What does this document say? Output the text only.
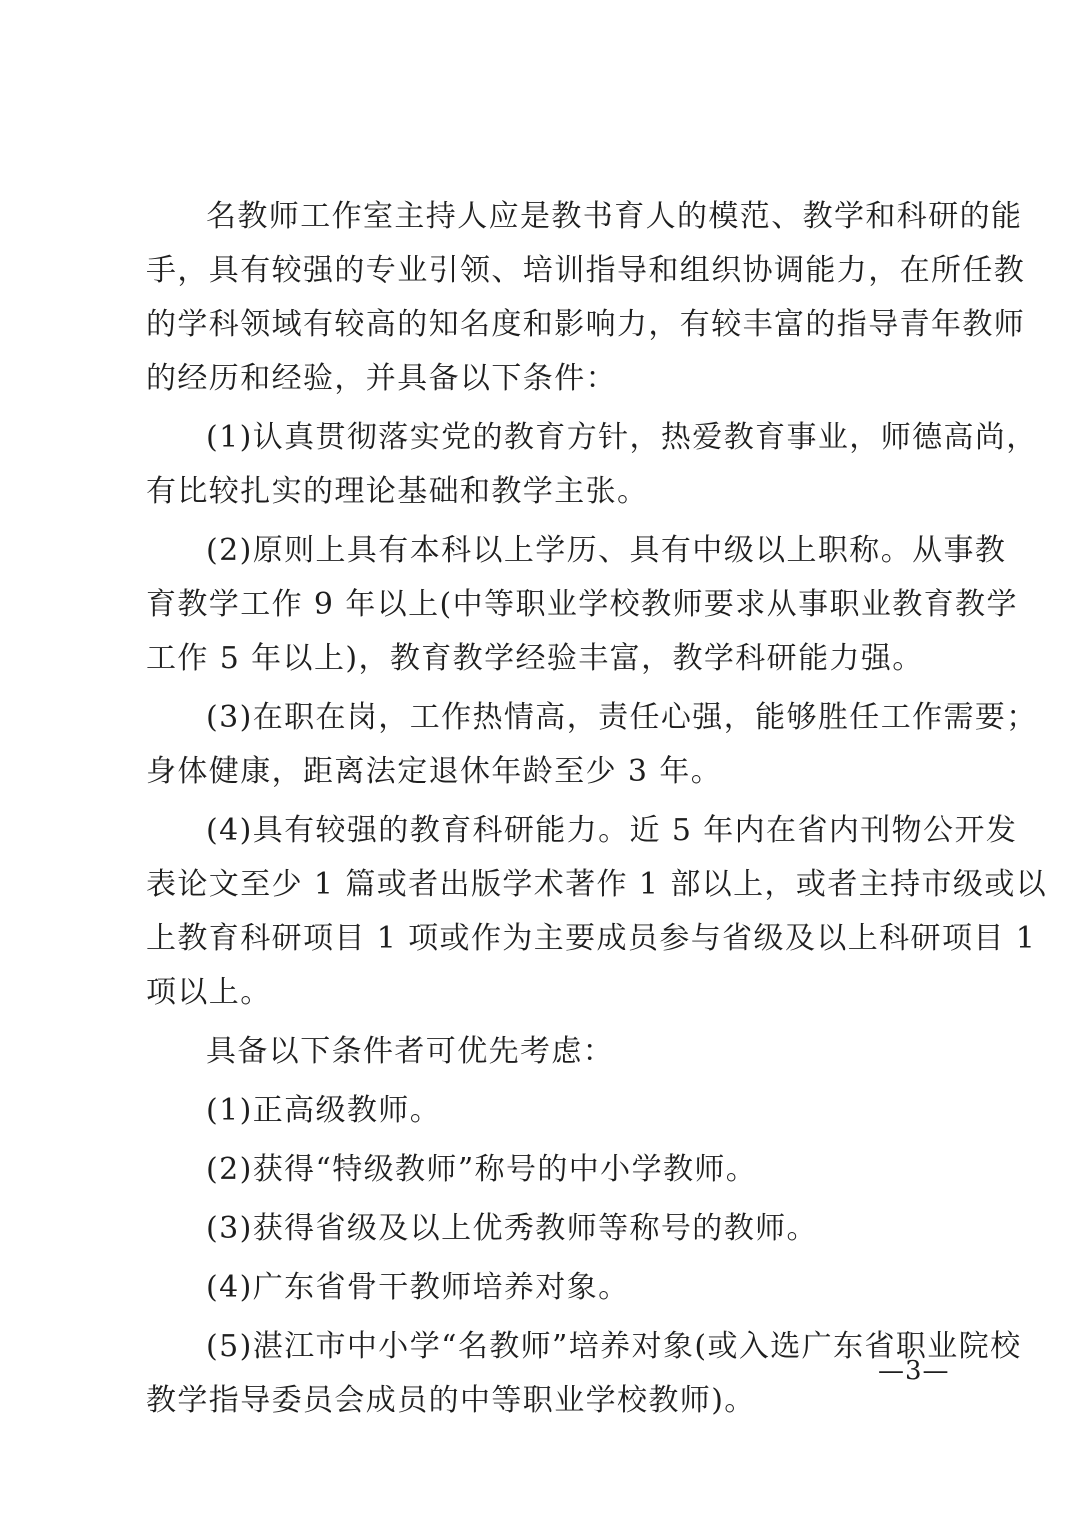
名教师工作室主持人应是教书育人的模范、教学和科研的能
手，具有较强的专业引领、培训指导和组织协调能力，在所任教
的学科领域有较高的知名度和影响力，有较丰富的指导青年教师
的经历和经验，并具备以下条件：
(1)认真贯彻落实党的教育方针，热爱教育事业，师德高尚，
有比较扎实的理论基础和教学主张。
(2)原则上具有本科以上学历、具有中级以上职称。从事教
育教学工作 9 年以上(中等职业学校教师要求从事职业教育教学
工作 5 年以上)，教育教学经验丰富，教学科研能力强。
(3)在职在岗，工作热情高，责任心强，能够胜任工作需要；
身体健康，距离法定退休年龄至少 3 年。
(4)具有较强的教育科研能力。近 5 年内在省内刊物公开发
表论文至少 1 篇或者出版学术著作 1 部以上，或者主持市级或以
上教育科研项目 1 项或作为主要成员参与省级及以上科研项目 1
项以上。
具备以下条件者可优先考虑：
(1)正高级教师。
(2)获得“特级教师”称号的中小学教师。
(3)获得省级及以上优秀教师等称号的教师。
(4)广东省骨干教师培养对象。
(5)湛江市中小学“名教师”培养对象(或入选广东省职业院校
教学指导委员会成员的中等职业学校教师)。
—3—
